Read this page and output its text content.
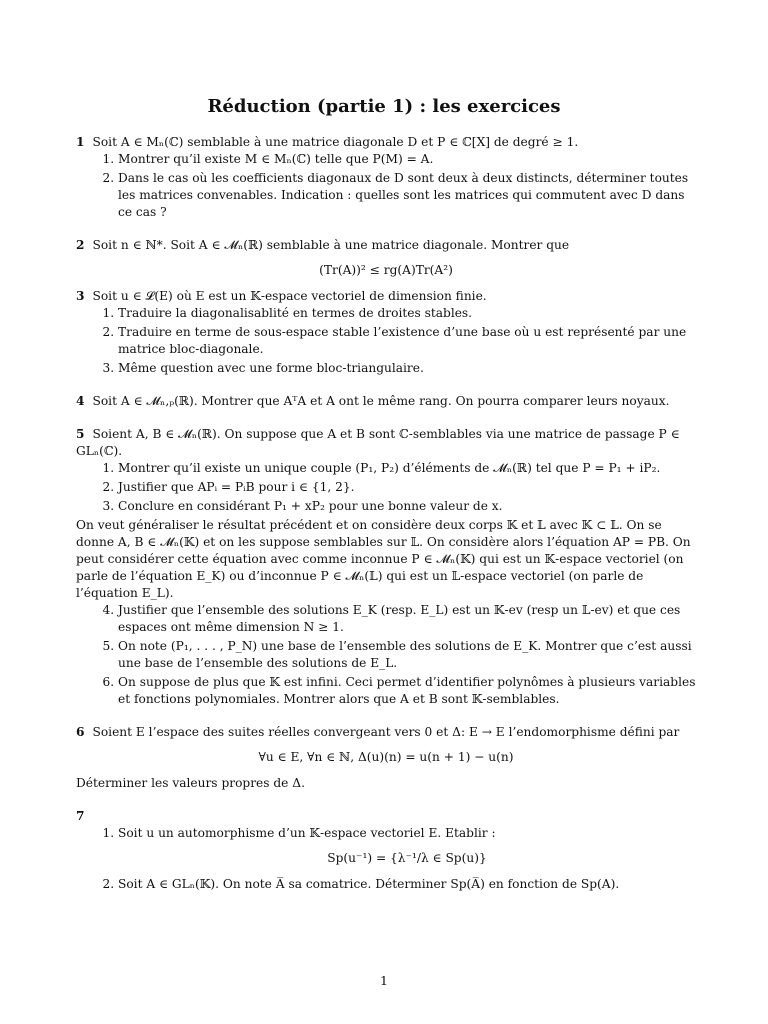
Réduction (partie 1) : les exercices

1 Soit A ∈ Mₙ(ℂ) semblable à une matrice diagonale D et P ∈ ℂ[X] de degré ≥ 1.

1. Montrer qu’il existe M ∈ Mₙ(ℂ) telle que P(M) = A.
2. Dans le cas où les coefficients diagonaux de D sont deux à deux distincts, déterminer toutes les matrices convenables. Indication : quelles sont les matrices qui commutent avec D dans ce cas ?

2 Soit n ∈ ℕ*. Soit A ∈ 𝓜ₙ(ℝ) semblable à une matrice diagonale. Montrer que

(Tr(A))² ≤ rg(A)Tr(A²)

3 Soit u ∈ 𝓛(E) où E est un 𝕂-espace vectoriel de dimension finie.

1. Traduire la diagonalisablité en termes de droites stables.
2. Traduire en terme de sous-espace stable l’existence d’une base où u est représenté par une matrice bloc-diagonale.
3. Même question avec une forme bloc-triangulaire.

4 Soit A ∈ 𝓜ₙ,ₚ(ℝ). Montrer que AᵀA et A ont le même rang. On pourra comparer leurs noyaux.

5 Soient A, B ∈ 𝓜ₙ(ℝ). On suppose que A et B sont ℂ-semblables via une matrice de passage P ∈ GLₙ(ℂ).

1. Montrer qu’il existe un unique couple (P₁, P₂) d’éléments de 𝓜ₙ(ℝ) tel que P = P₁ + iP₂.
2. Justifier que APᵢ = PᵢB pour i ∈ {1, 2}.
3. Conclure en considérant P₁ + xP₂ pour une bonne valeur de x.

On veut généraliser le résultat précédent et on considère deux corps 𝕂 et 𝕃 avec 𝕂 ⊂ 𝕃. On se donne A, B ∈ 𝓜ₙ(𝕂) et on les suppose semblables sur 𝕃. On considère alors l’équation AP = PB. On peut considérer cette équation avec comme inconnue P ∈ 𝓜ₙ(𝕂) qui est un 𝕂-espace vectoriel (on parle de l’équation E_K) ou d’inconnue P ∈ 𝓜ₙ(𝕃) qui est un 𝕃-espace vectoriel (on parle de l’équation E_L).

4. Justifier que l’ensemble des solutions E_K (resp. E_L) est un 𝕂-ev (resp un 𝕃-ev) et que ces espaces ont même dimension N ≥ 1.
5. On note (P₁, . . . , P_N) une base de l’ensemble des solutions de E_K. Montrer que c’est aussi une base de l’ensemble des solutions de E_L.
6. On suppose de plus que 𝕂 est infini. Ceci permet d’identifier polynômes à plusieurs variables et fonctions polynomiales. Montrer alors que A et B sont 𝕂-semblables.

6 Soient E l’espace des suites réelles convergeant vers 0 et Δ: E → E l’endomorphisme défini par

∀u ∈ E, ∀n ∈ ℕ, Δ(u)(n) = u(n + 1) − u(n)

Déterminer les valeurs propres de Δ.

7

1. Soit u un automorphisme d’un 𝕂-espace vectoriel E. Etablir :

Sp(u⁻¹) = {λ⁻¹/λ ∈ Sp(u)}

2. Soit A ∈ GLₙ(𝕂). On note A̅ sa comatrice. Déterminer Sp(A̅) en fonction de Sp(A).
1
